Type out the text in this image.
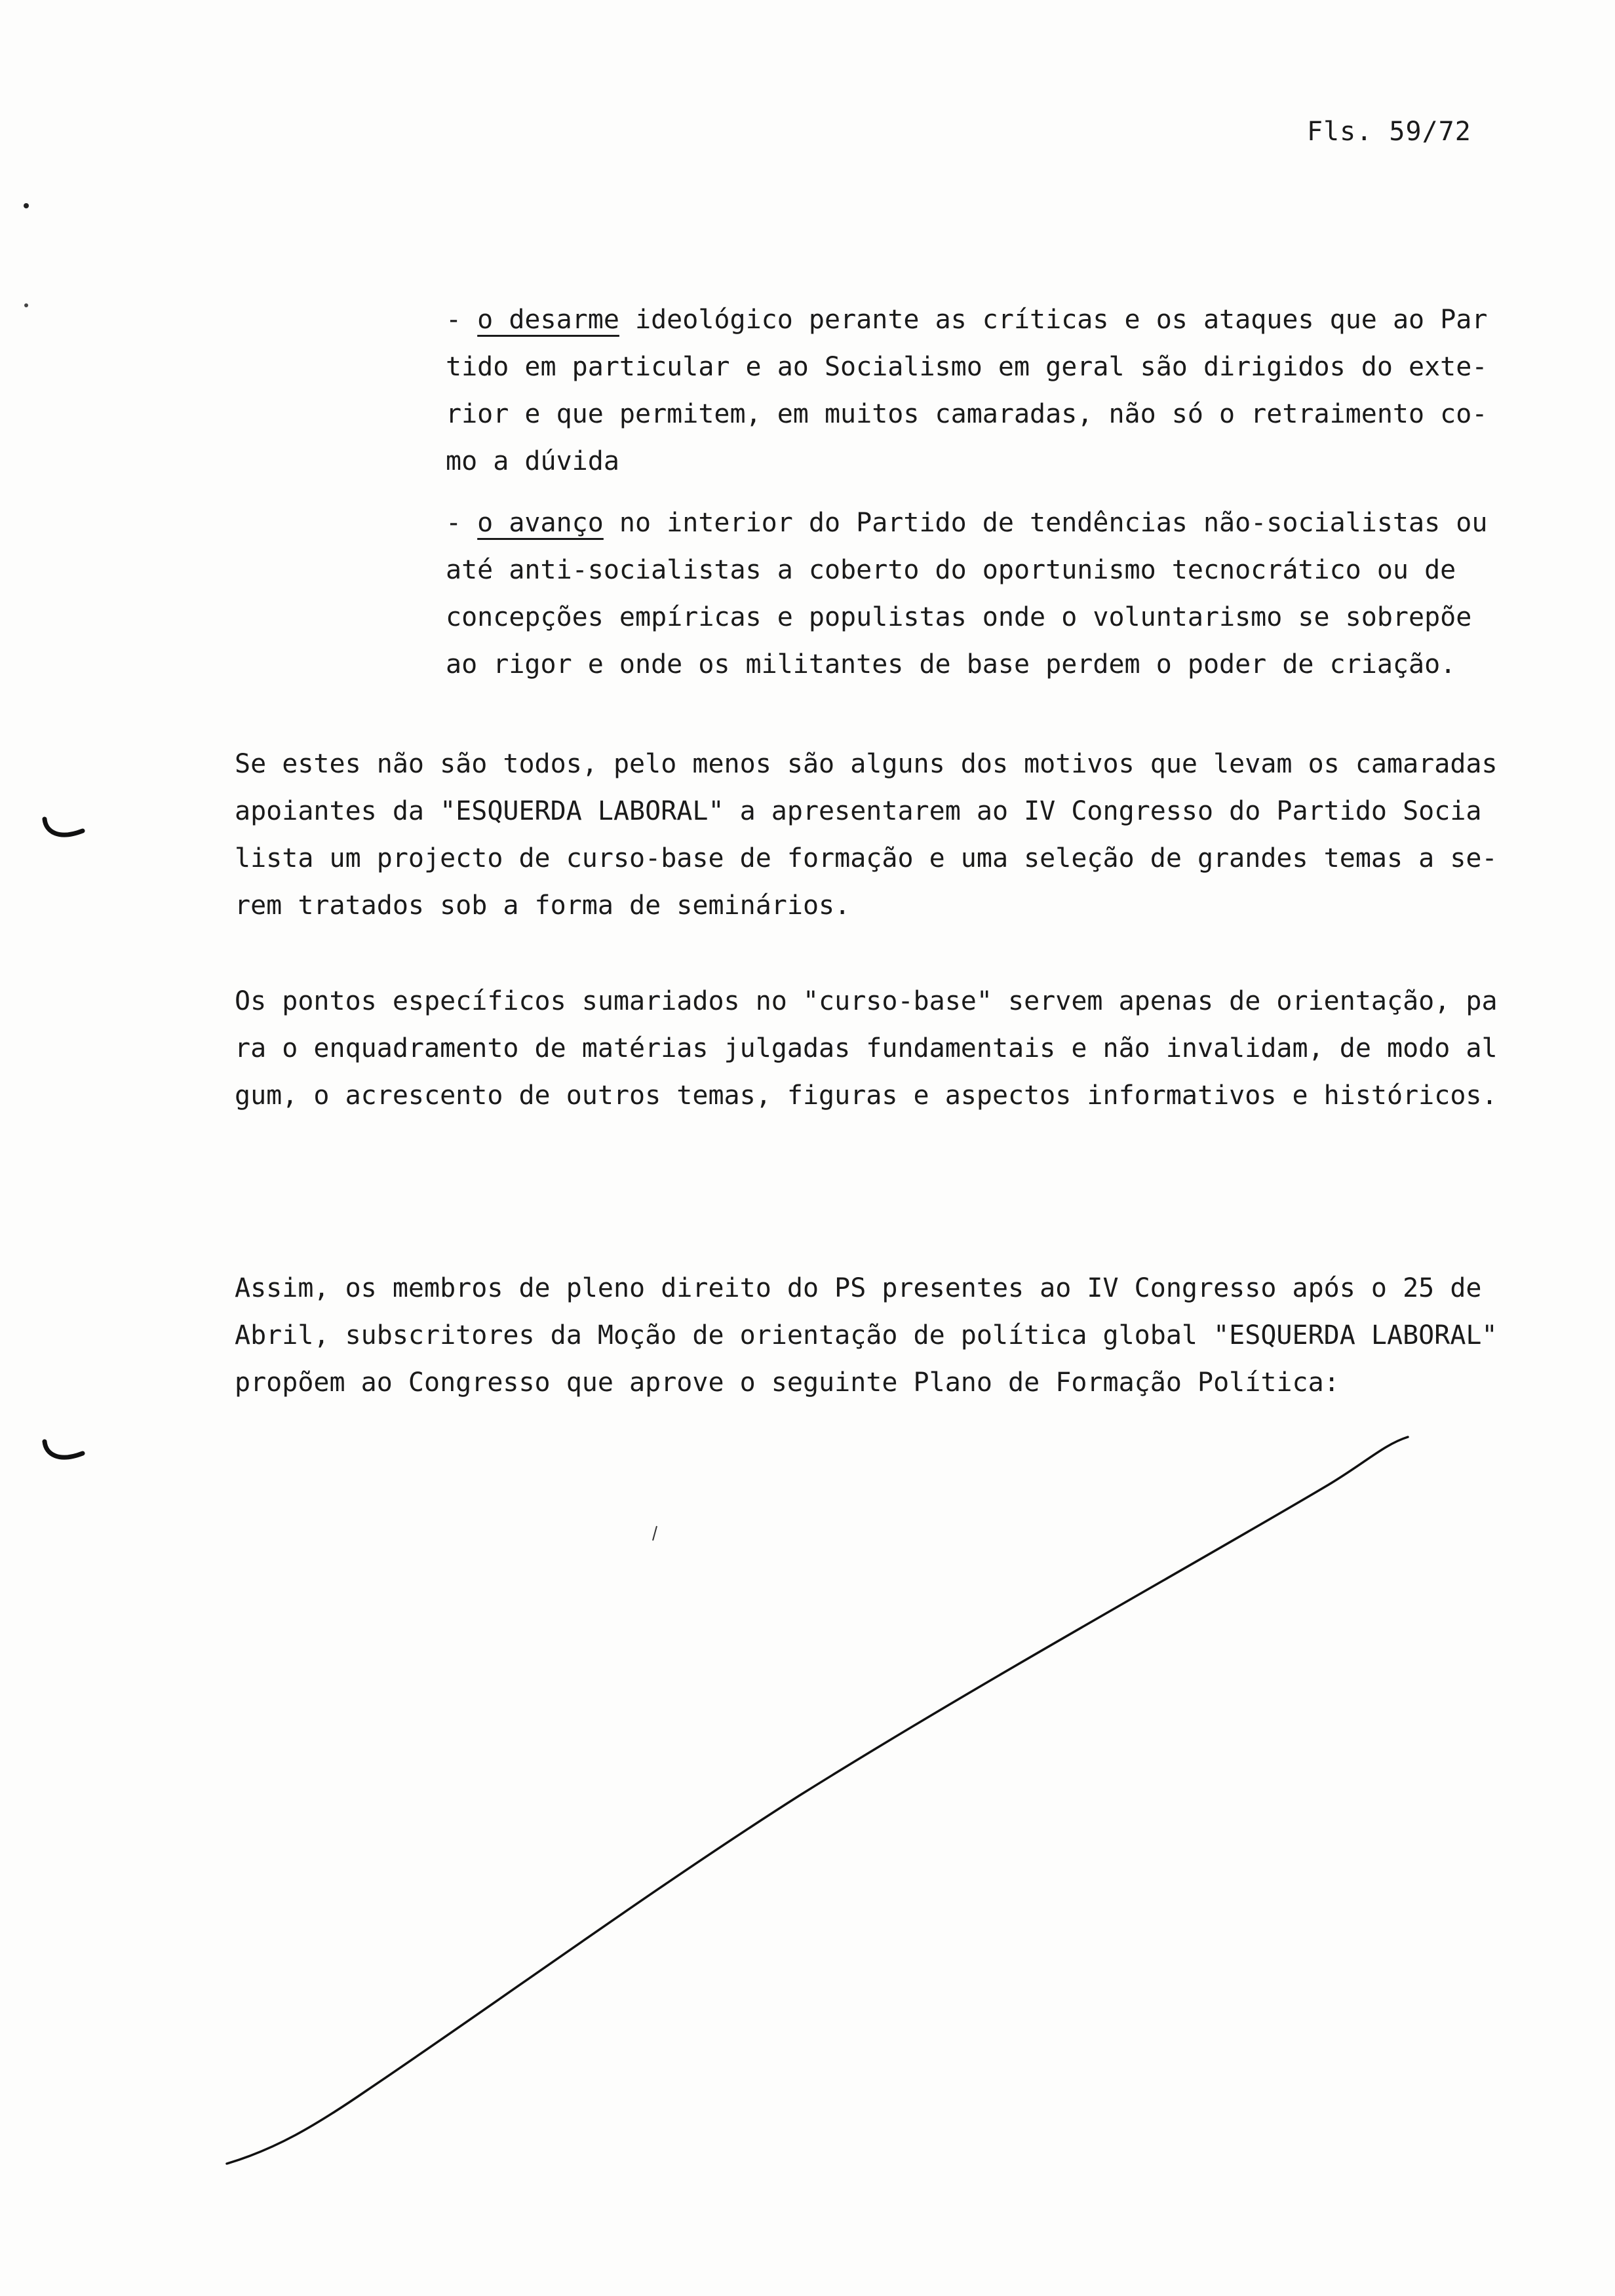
Fls. 59/72
- o desarme ideológico perante as críticas e os ataques que ao Par
tido em particular e ao Socialismo em geral são dirigidos do exte-
rior e que permitem, em muitos camaradas, não só o retraimento co-
mo a dúvida
- o avanço no interior do Partido de tendências não-socialistas ou
até anti-socialistas a coberto do oportunismo tecnocrático ou de
concepções empíricas e populistas onde o voluntarismo se sobrepõe
ao rigor e onde os militantes de base perdem o poder de criação.
Se estes não são todos, pelo menos são alguns dos motivos que levam os camaradas
apoiantes da "ESQUERDA LABORAL" a apresentarem ao IV Congresso do Partido Socia
lista um projecto de curso-base de formação e uma seleção de grandes temas a se-
rem tratados sob a forma de seminários.
Os pontos específicos sumariados no "curso-base" servem apenas de orientação, pa
ra o enquadramento de matérias julgadas fundamentais e não invalidam, de modo al
gum, o acrescento de outros temas, figuras e aspectos informativos e históricos.
Assim, os membros de pleno direito do PS presentes ao IV Congresso após o 25 de
Abril, subscritores da Moção de orientação de política global "ESQUERDA LABORAL"
propõem ao Congresso que aprove o seguinte Plano de Formação Política:
